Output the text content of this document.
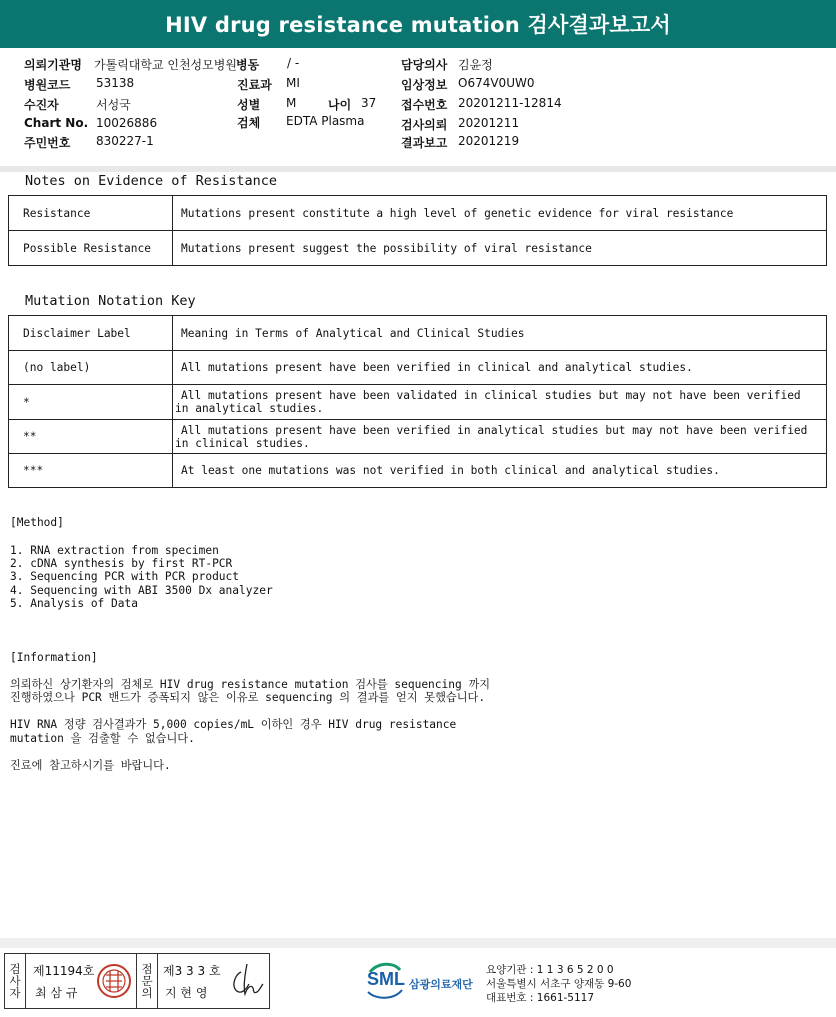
HIV drug resistance mutation 검사결과보고서
의뢰기관명 가톨릭대학교 인천성모병원 병동 / -	담당의사 김윤정
병원코드 53138	진료과 MI	임상정보 O674V0UW0
수진자	서성국	성별 M	나이 37 접수번호 20201211-12814
Chart No. 10026886	검체 EDTA Plasma	검사의뢰 20201211
주민번호 830227-1	결과보고 20201219
Notes on Evidence of Resistance
Resistance	Mutations present constitute a high level of genetic evidence for viral resistance
Possible Resistance	Mutations present suggest the possibility of viral resistance
Mutation Notation Key
Disclaimer Label	Meaning in Terms of Analytical and Clinical Studies
(no label)	All mutations present have been verified in clinical and analytical studies.
*	All mutations present have been validated in clinical studies but may not have been verified
in analytical studies.

**	All mutations present have been verified in analytical studies but may not have been verified
in clinical studies.

***	At least one mutations was not verified in both clinical and analytical studies.
[Method]
1. RNA extraction from specimen
2. cDNA synthesis by first RT-PCR
3. Sequencing PCR with PCR product
4. Sequencing with ABI 3500 Dx analyzer
5. Analysis of Data
[Information]
의뢰하신 상기환자의 검체로 HIV drug resistance mutation 검사를 sequencing 까지
진행하였으나 PCR 밴드가 증폭되지 않은 이유로 sequencing 의 결과를 얻지 못했습니다.
HIV RNA 정량 검사결과가 5,000 copies/mL 이하인 경우 HIV drug resistance
mutation 을 검출할 수 없습니다.
진료에 참고하시기를 바랍니다.
검
사
자
제11194호
최 삼 규
점
문
의
제3 3 3 호
지 현 영
SML 삼광의료재단
요양기관 : 1 1 3 6 5 2 0 0
서울특별시 서초구 양재동 9-60
대표번호 : 1661-5117
